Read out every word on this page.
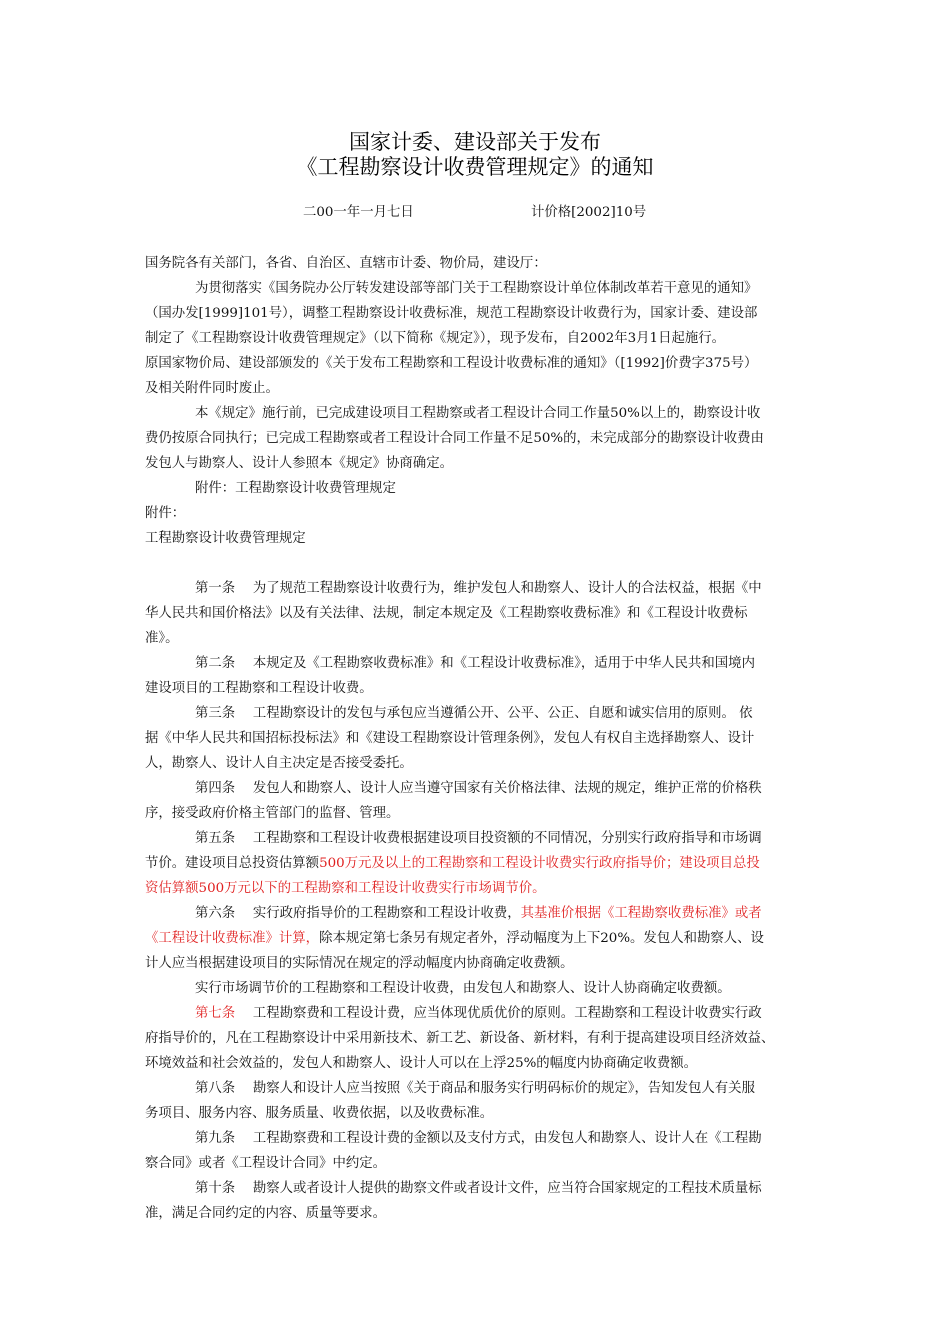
国家计委、建设部关于发布
《工程勘察设计收费管理规定》的通知
二00一年一月七日	计价格[2002]10号
国务院各有关部门，各省、自治区、直辖市计委、物价局，建设厅：
为贯彻落实《国务院办公厅转发建设部等部门关于工程勘察设计单位体制改革若干意见的通知》
（国办发[1999]101号），调整工程勘察设计收费标准，规范工程勘察设计收费行为，国家计委、建设部
制定了《工程勘察设计收费管理规定》（以下简称《规定》），现予发布，自2002年3月1日起施行。
原国家物价局、建设部颁发的《关于发布工程勘察和工程设计收费标准的通知》（[1992]价费字375号）
及相关附件同时废止。
本《规定》施行前，已完成建设项目工程勘察或者工程设计合同工作量50%以上的，勘察设计收
费仍按原合同执行；已完成工程勘察或者工程设计合同工作量不足50%的，未完成部分的勘察设计收费由
发包人与勘察人、设计人参照本《规定》协商确定。
附件：工程勘察设计收费管理规定
附件：
工程勘察设计收费管理规定
第一条　 为了规范工程勘察设计收费行为，维护发包人和勘察人、设计人的合法权益，根据《中
华人民共和国价格法》以及有关法律、法规，制定本规定及《工程勘察收费标准》和《工程设计收费标
准》。
第二条　 本规定及《工程勘察收费标准》和《工程设计收费标准》，适用于中华人民共和国境内
建设项目的工程勘察和工程设计收费。
第三条　 工程勘察设计的发包与承包应当遵循公开、公平、公正、自愿和诚实信用的原则。 依
据《中华人民共和国招标投标法》和《建设工程勘察设计管理条例》，发包人有权自主选择勘察人、设计
人，勘察人、设计人自主决定是否接受委托。
第四条　 发包人和勘察人、设计人应当遵守国家有关价格法律、法规的规定，维护正常的价格秩
序，接受政府价格主管部门的监督、管理。
第五条　 工程勘察和工程设计收费根据建设项目投资额的不同情况，分别实行政府指导和市场调
节价。建设项目总投资估算额500万元及以上的工程勘察和工程设计收费实行政府指导价；建设项目总投
资估算额500万元以下的工程勘察和工程设计收费实行市场调节价。
第六条　 实行政府指导价的工程勘察和工程设计收费，其基准价根据《工程勘察收费标准》或者
《工程设计收费标准》计算，除本规定第七条另有规定者外，浮动幅度为上下20%。发包人和勘察人、设
计人应当根据建设项目的实际情况在规定的浮动幅度内协商确定收费额。
实行市场调节价的工程勘察和工程设计收费，由发包人和勘察人、设计人协商确定收费额。
第七条　 工程勘察费和工程设计费，应当体现优质优价的原则。工程勘察和工程设计收费实行政
府指导价的，凡在工程勘察设计中采用新技术、新工艺、新设备、新材料，有利于提高建设项目经济效益、
环境效益和社会效益的，发包人和勘察人、设计人可以在上浮25%的幅度内协商确定收费额。
第八条　 勘察人和设计人应当按照《关于商品和服务实行明码标价的规定》，告知发包人有关服
务项目、服务内容、服务质量、收费依据，以及收费标准。
第九条　 工程勘察费和工程设计费的金额以及支付方式，由发包人和勘察人、设计人在《工程勘
察合同》或者《工程设计合同》中约定。
第十条　 勘察人或者设计人提供的勘察文件或者设计文件，应当符合国家规定的工程技术质量标
准，满足合同约定的内容、质量等要求。
